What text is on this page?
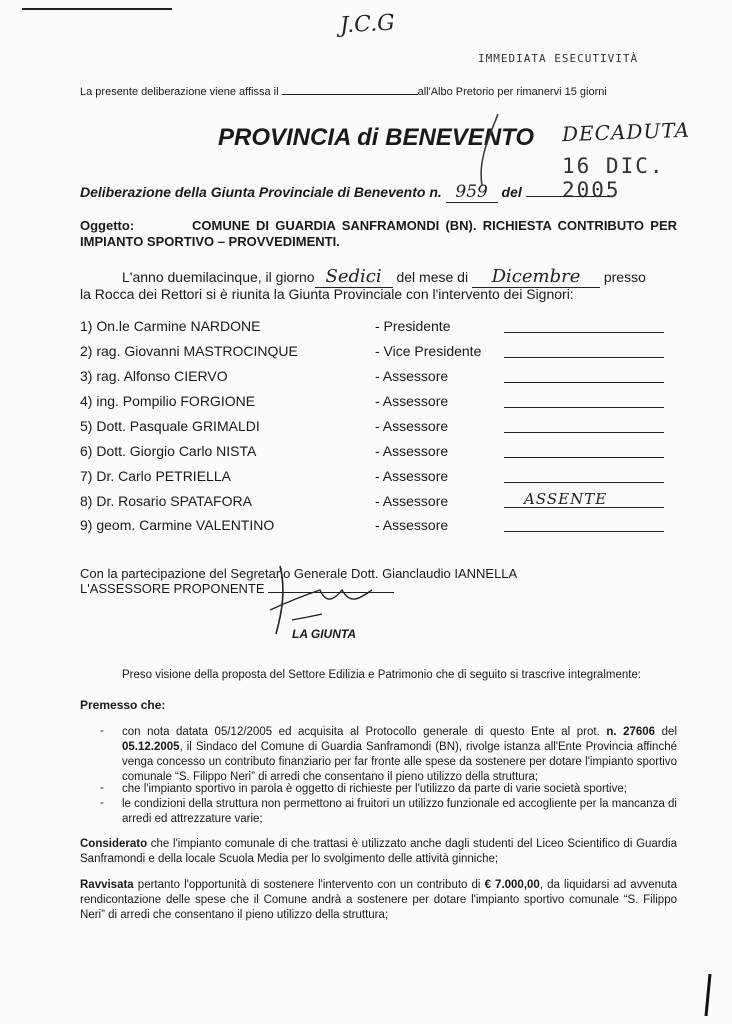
J.C.G
IMMEDIATA ESECUTIVITÀ
La presente deliberazione viene affissa il	all'Albo Pretorio per rimanervi 15 giorni
PROVINCIA di BENEVENTO DECADUTA
16 DIC. 2005
Deliberazione della Giunta Provinciale di Benevento n. 959 del
Oggetto:	COMUNE DI GUARDIA SANFRAMONDI (BN). RICHIESTA CONTRIBUTO PER
IMPIANTO SPORTIVO – PROVVEDIMENTI.
L'anno duemilacinque, il giorno Sedici del mese di Dicembre presso
la Rocca dei Rettori si è riunita la Giunta Provinciale con l'intervento dei Signori:
1) On.le Carmine NARDONE	- Presidente
2) rag. Giovanni MASTROCINQUE	- Vice Presidente
3) rag. Alfonso CIERVO	- Assessore
4) ing. Pompilio FORGIONE	- Assessore
5) Dott. Pasquale GRIMALDI	- Assessore
6) Dott. Giorgio Carlo NISTA	- Assessore
7) Dr. Carlo PETRIELLA	- Assessore
8) Dr. Rosario SPATAFORA	- Assessore	ASSENTE
9) geom. Carmine VALENTINO	- Assessore
Con la partecipazione del Segretario Generale Dott. Gianclaudio IANNELLA
L'ASSESSORE PROPONENTE
LA GIUNTA
Preso visione della proposta del Settore Edilizia e Patrimonio che di seguito si trascrive integralmente:
Premesso che:
- con nota datata 05/12/2005 ed acquisita al Protocollo generale di questo Ente al prot. n. 27606 del 05.12.2005, il Sindaco del Comune di Guardia Sanframondi (BN), rivolge istanza all'Ente Provincia affinché venga concesso un contributo finanziario per far fronte alle spese da sostenere per dotare l'impianto sportivo comunale “S. Filippo Neri” di arredi che consentano il pieno utilizzo della struttura;
- che l'impianto sportivo in parola è oggetto di richieste per l'utilizzo da parte di varie società sportive;
- le condizioni della struttura non permettono ai fruitori un utilizzo funzionale ed accogliente per la mancanza di arredi ed attrezzature varie;
Considerato che l'impianto comunale di che trattasi è utilizzato anche dagli studenti del Liceo Scientifico di Guardia Sanframondi e della locale Scuola Media per lo svolgimento delle attività ginniche;
Ravvisata pertanto l'opportunità di sostenere l'intervento con un contributo di € 7.000,00, da liquidarsi ad avvenuta rendicontazione delle spese che il Comune andrà a sostenere per dotare l'impianto sportivo comunale “S. Filippo Neri” di arredi che consentano il pieno utilizzo della struttura;
